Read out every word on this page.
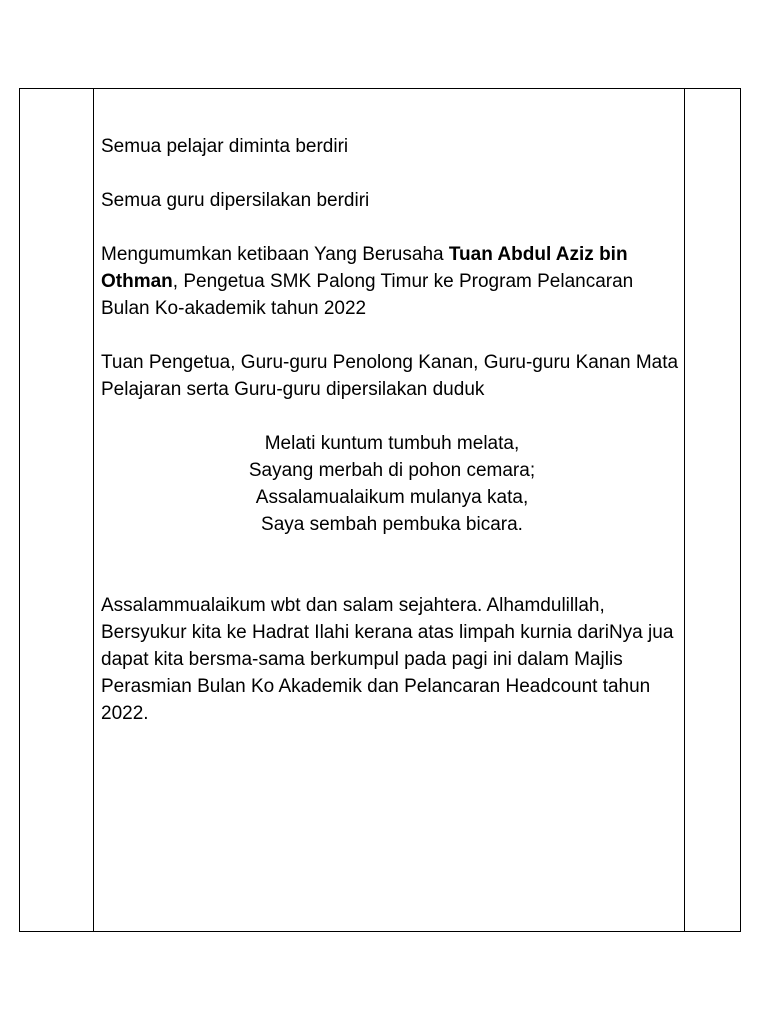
Semua pelajar diminta berdiri

Semua guru dipersilakan berdiri

Mengumumkan ketibaan Yang Berusaha Tuan Abdul Aziz bin Othman, Pengetua SMK Palong Timur ke Program Pelancaran Bulan Ko-akademik tahun 2022

Tuan Pengetua, Guru-guru Penolong Kanan, Guru-guru Kanan Mata Pelajaran serta Guru-guru dipersilakan duduk

Melati kuntum tumbuh melata,

Sayang merbah di pohon cemara;

Assalamualaikum mulanya kata,

Saya sembah pembuka bicara.

Assalammualaikum wbt dan salam sejahtera. Alhamdulillah, Bersyukur kita ke Hadrat Ilahi kerana atas limpah kurnia dariNya jua dapat kita bersma-sama berkumpul pada pagi ini dalam Majlis Perasmian Bulan Ko Akademik dan Pelancaran Headcount tahun 2022.
